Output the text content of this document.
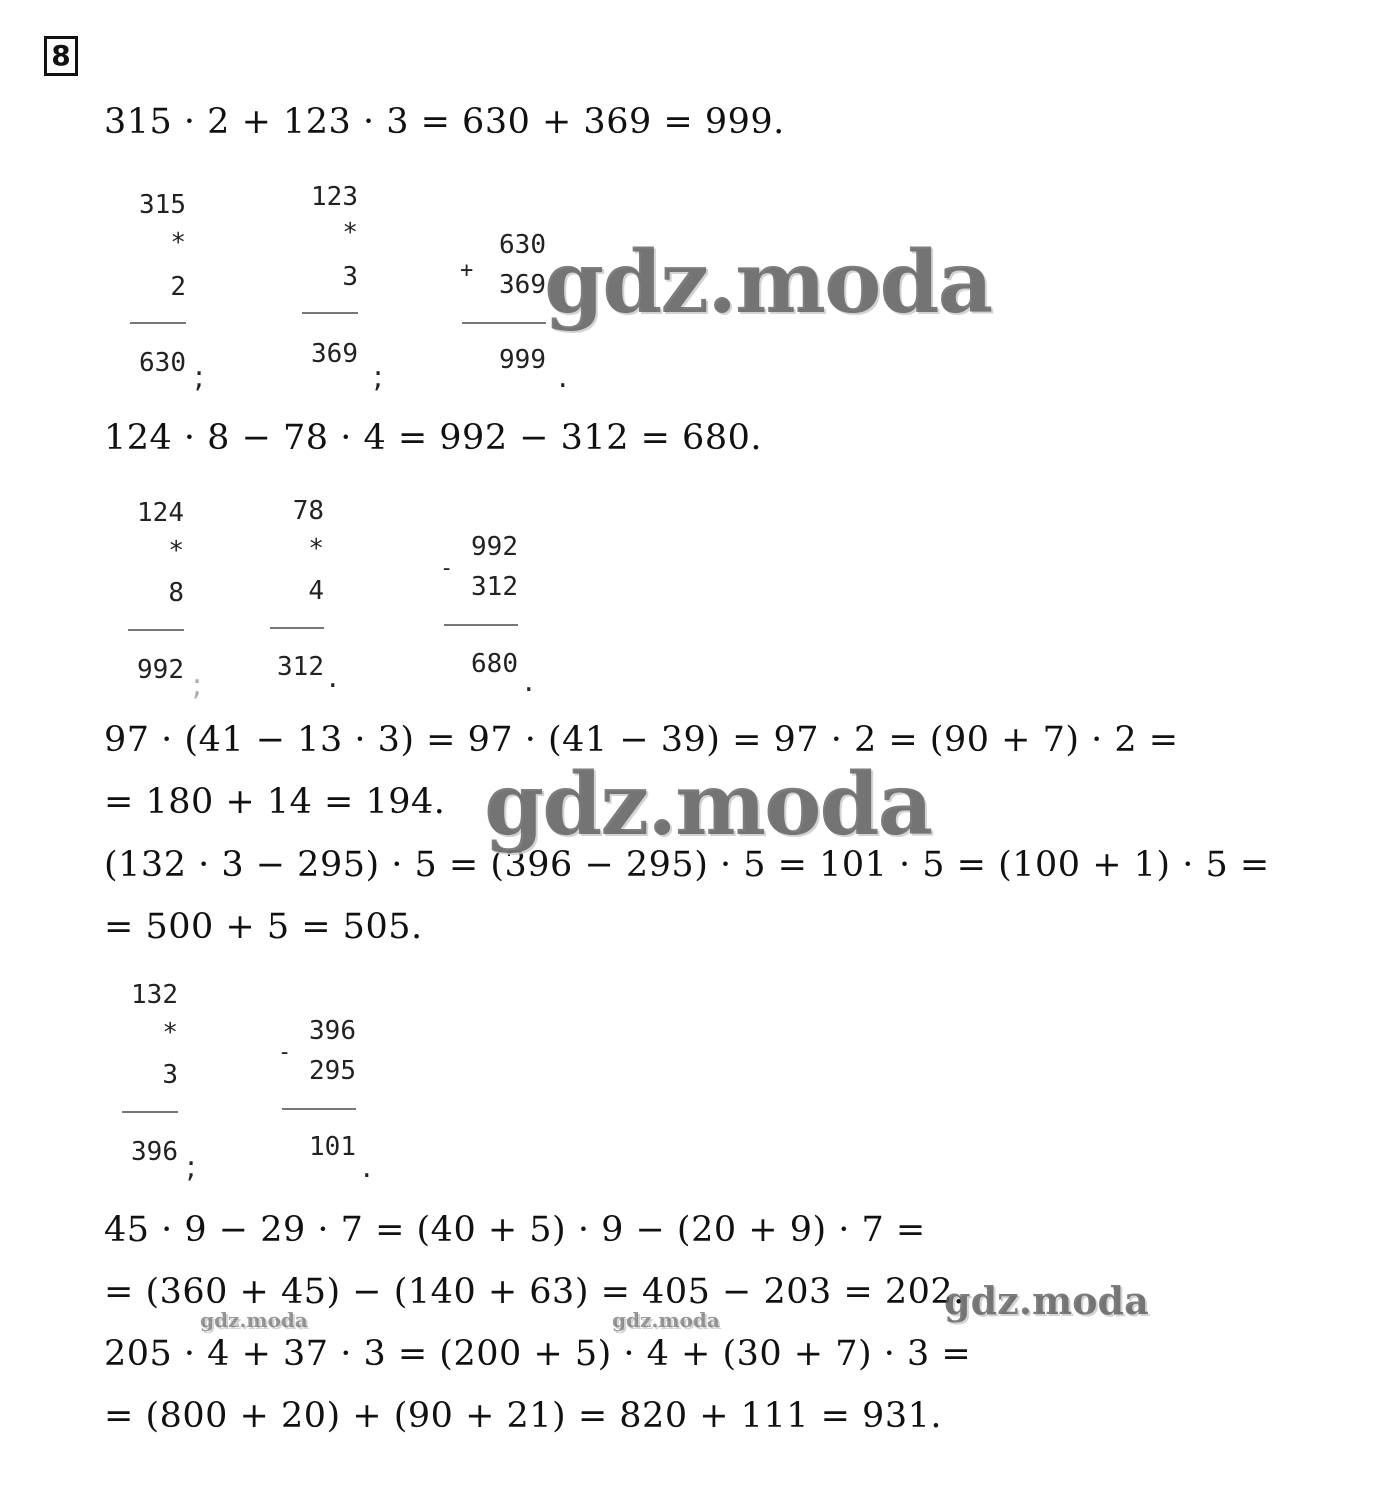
8
315 · 2 + 123 · 3 = 630 + 369 = 999.
124 · 8 − 78 · 4 = 992 − 312 = 680.
97 · (41 − 13 · 3) = 97 · (41 − 39) = 97 · 2 = (90 + 7) · 2 =
= 180 + 14 = 194.
(132 · 3 − 295) · 5 = (396 − 295) · 5 = 101 · 5 = (100 + 1) · 5 =
= 500 + 5 = 505.
45 · 9 − 29 · 7 = (40 + 5) · 9 − (20 + 9) · 7 =
= (360 + 45) − (140 + 63) = 405 − 203 = 202.
205 · 4 + 37 · 3 = (200 + 5) · 4 + (30 + 7) · 3 =
= (800 + 20) + (90 + 21) = 820 + 111 = 931.
315
*
2
630 ;
123
*
3
369
;
+
630
369
999 .
124
*
8
992 ;
78
*
4
312 .
-
992
312
680 .
132
*
3
396 ;
-
396
295
101
.
gdz.moda
gdz.moda
gdz.moda
gdz.moda	gdz.moda
